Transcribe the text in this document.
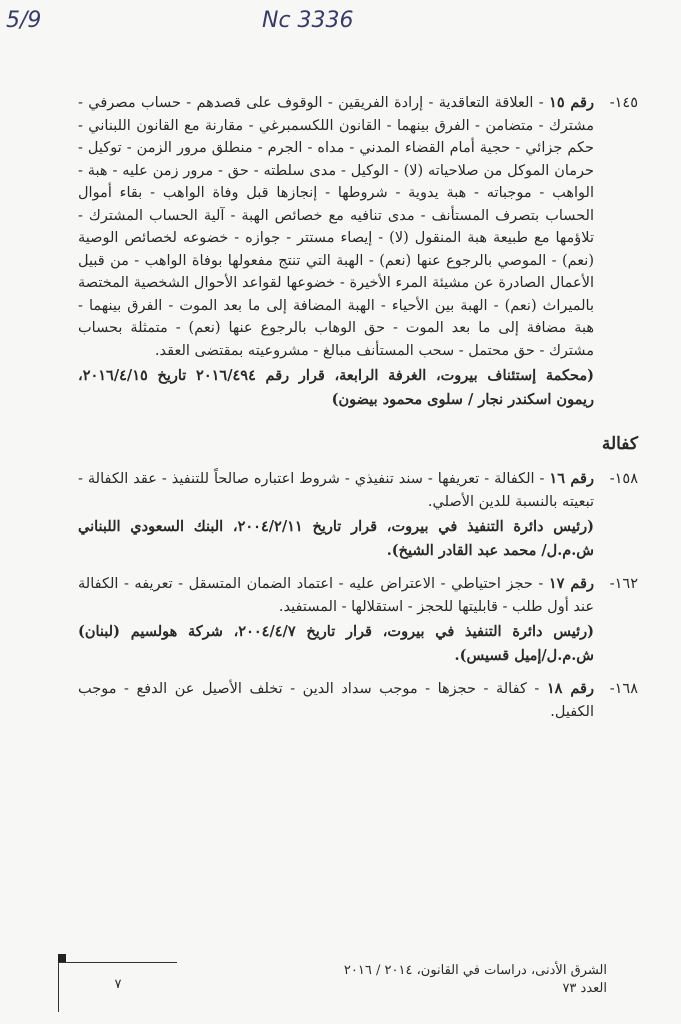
5/9	Nc 3336
١٤٥-

رقم ١٥ - العلاقة التعاقدية - إرادة الفريقين - الوقوف على قصدهم - حساب مصرفي - مشترك - متضامن - الفرق بينهما - القانون اللكسمبرغي - مقارنة مع القانون اللبناني - حكم جزائي - حجية أمام القضاء المدني - مداه - الجرم - منطلق مرور الزمن - توكيل - حرمان الموكل من صلاحياته (لا) - الوكيل - مدى سلطته - حق - مرور زمن عليه - هبة - الواهب - موجباته - هبة يدوية - شروطها - إنجازها قبل وفاة الواهب - بقاء أموال الحساب بتصرف المستأنف - مدى تنافيه مع خصائص الهبة - آلية الحساب المشترك - تلاؤمها مع طبيعة هبة المنقول (لا) - إيصاء مستتر - جوازه - خضوعه لخصائص الوصية (نعم) - الموصي بالرجوع عنها (نعم) - الهبة التي تنتج مفعولها بوفاة الواهب - من قبيل الأعمال الصادرة عن مشيئة المرء الأخيرة - خضوعها لقواعد الأحوال الشخصية المختصة بالميراث (نعم) - الهبة بين الأحياء - الهبة المضافة إلى ما بعد الموت - الفرق بينهما - هبة مضافة إلى ما بعد الموت - حق الوهاب بالرجوع عنها (نعم) - متمثلة بحساب مشترك - حق محتمل - سحب المستأنف مبالغ - مشروعيته بمقتضى العقد.

(محكمة إستئناف بيروت، الغرفة الرابعة، قرار رقم ٢٠١٦/٤٩٤ تاريخ ٢٠١٦/٤/١٥، ريمون اسكندر نجار / سلوى محمود بيضون)

كفالة
١٥٨-

رقم ١٦ - الكفالة - تعريفها - سند تنفيذي - شروط اعتباره صالحاً للتنفيذ - عقد الكفالة - تبعيته بالنسبة للدين الأصلي.

(رئيس دائرة التنفيذ في بيروت، قرار تاريخ ٢٠٠٤/٢/١١، البنك السعودي اللبناني ش.م.ل/ محمد عبد القادر الشيخ).

١٦٢-

رقم ١٧ - حجز احتياطي - الاعتراض عليه - اعتماد الضمان المتسقل - تعريفه - الكفالة عند أول طلب - قابليتها للحجز - استقلالها - المستفيد.

(رئيس دائرة التنفيذ في بيروت، قرار تاريخ ٢٠٠٤/٤/٧، شركة هولسيم (لبنان) ش.م.ل/إميل قسيس).

١٦٨-

رقم ١٨ - كفالة - حجزها - موجب سداد الدين - تخلف الأصيل عن الدفع - موجب الكفيل.

الشرق الأدنى، دراسات في القانون، ٢٠١٤ / ٢٠١٦
العدد ٧٣
٧
